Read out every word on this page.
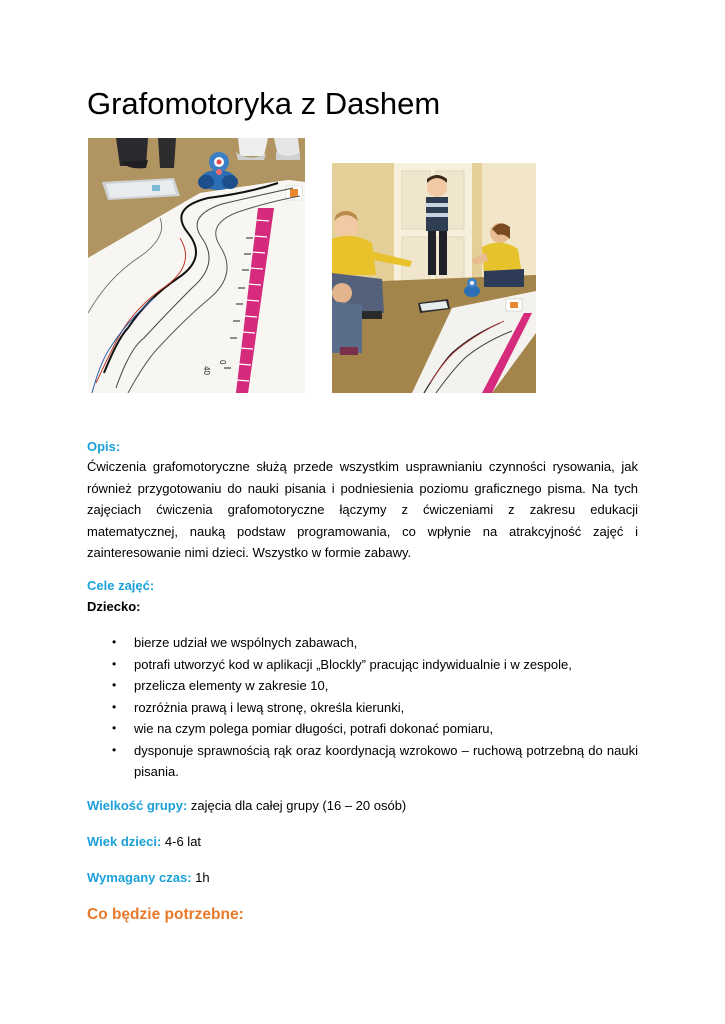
Grafomotoryka z Dashem
0
40

Opis:

Ćwiczenia grafomotoryczne służą przede wszystkim usprawnianiu czynności rysowania, jak również przygotowaniu do nauki pisania i podniesienia poziomu graficznego pisma. Na tych zajęciach ćwiczenia grafomotoryczne łączymy z ćwiczeniami z zakresu edukacji matematycznej, nauką podstaw programowania, co wpłynie na atrakcyjność zajęć i zainteresowanie nimi dzieci. Wszystko w formie zabawy.

Cele zajęć:

Dziecko:

• bierze udział we wspólnych zabawach,
• potrafi utworzyć kod w aplikacji „Blockly” pracując indywidualnie i w zespole,
• przelicza elementy w zakresie 10,
• rozróżnia prawą i lewą stronę, określa kierunki,
• wie na czym polega pomiar długości, potrafi dokonać pomiaru,
• dysponuje sprawnością rąk oraz koordynacją wzrokowo – ruchową potrzebną do nauki pisania.

Wielkość grupy: zajęcia dla całej grupy (16 – 20 osób)

Wiek dzieci: 4-6 lat

Wymagany czas: 1h

Co będzie potrzebne:
